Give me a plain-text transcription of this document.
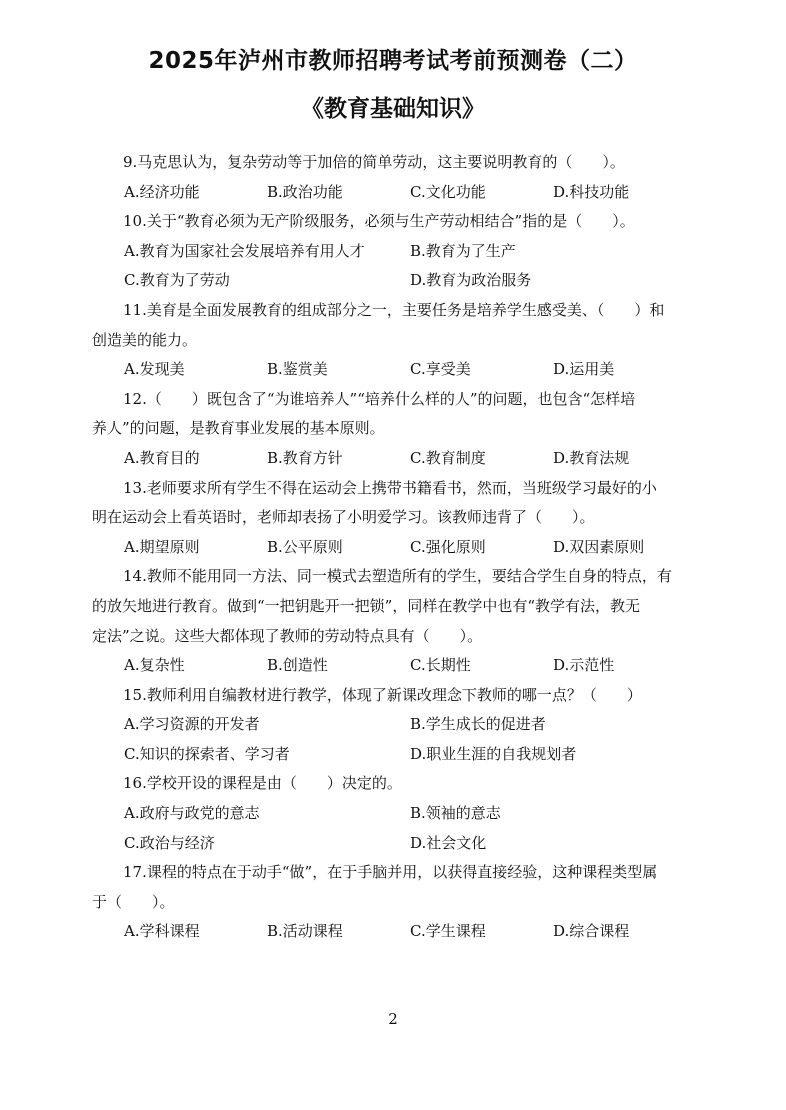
2025年泸州市教师招聘考试考前预测卷（二）
《教育基础知识》
9.马克思认为，复杂劳动等于加倍的简单劳动，这主要说明教育的（　　）。
A.经济功能	B.政治功能	C.文化功能	D.科技功能
10.关于“教育必须为无产阶级服务，必须与生产劳动相结合”指的是（　　）。
A.教育为国家社会发展培养有用人才	B.教育为了生产
C.教育为了劳动	D.教育为政治服务
11.美育是全面发展教育的组成部分之一，主要任务是培养学生感受美、（　　）和
创造美的能力。
A.发现美	B.鉴赏美	C.享受美	D.运用美
12.（　　）既包含了“为谁培养人”“培养什么样的人”的问题，也包含“怎样培
养人”的问题，是教育事业发展的基本原则。
A.教育目的	B.教育方针	C.教育制度	D.教育法规
13.老师要求所有学生不得在运动会上携带书籍看书，然而，当班级学习最好的小
明在运动会上看英语时，老师却表扬了小明爱学习。该教师违背了（　　）。
A.期望原则	B.公平原则	C.强化原则	D.双因素原则
14.教师不能用同一方法、同一模式去塑造所有的学生，要结合学生自身的特点，有
的放矢地进行教育。做到“一把钥匙开一把锁”，同样在教学中也有“教学有法，教无
定法”之说。这些大都体现了教师的劳动特点具有（　　）。
A.复杂性	B.创造性	C.长期性	D.示范性
15.教师利用自编教材进行教学，体现了新课改理念下教师的哪一点？（　　）
A.学习资源的开发者	B.学生成长的促进者
C.知识的探索者、学习者	D.职业生涯的自我规划者
16.学校开设的课程是由（　　）决定的。
A.政府与政党的意志	B.领袖的意志
C.政治与经济	D.社会文化
17.课程的特点在于动手“做”，在于手脑并用，以获得直接经验，这种课程类型属
于（　　）。
A.学科课程	B.活动课程	C.学生课程	D.综合课程
2
